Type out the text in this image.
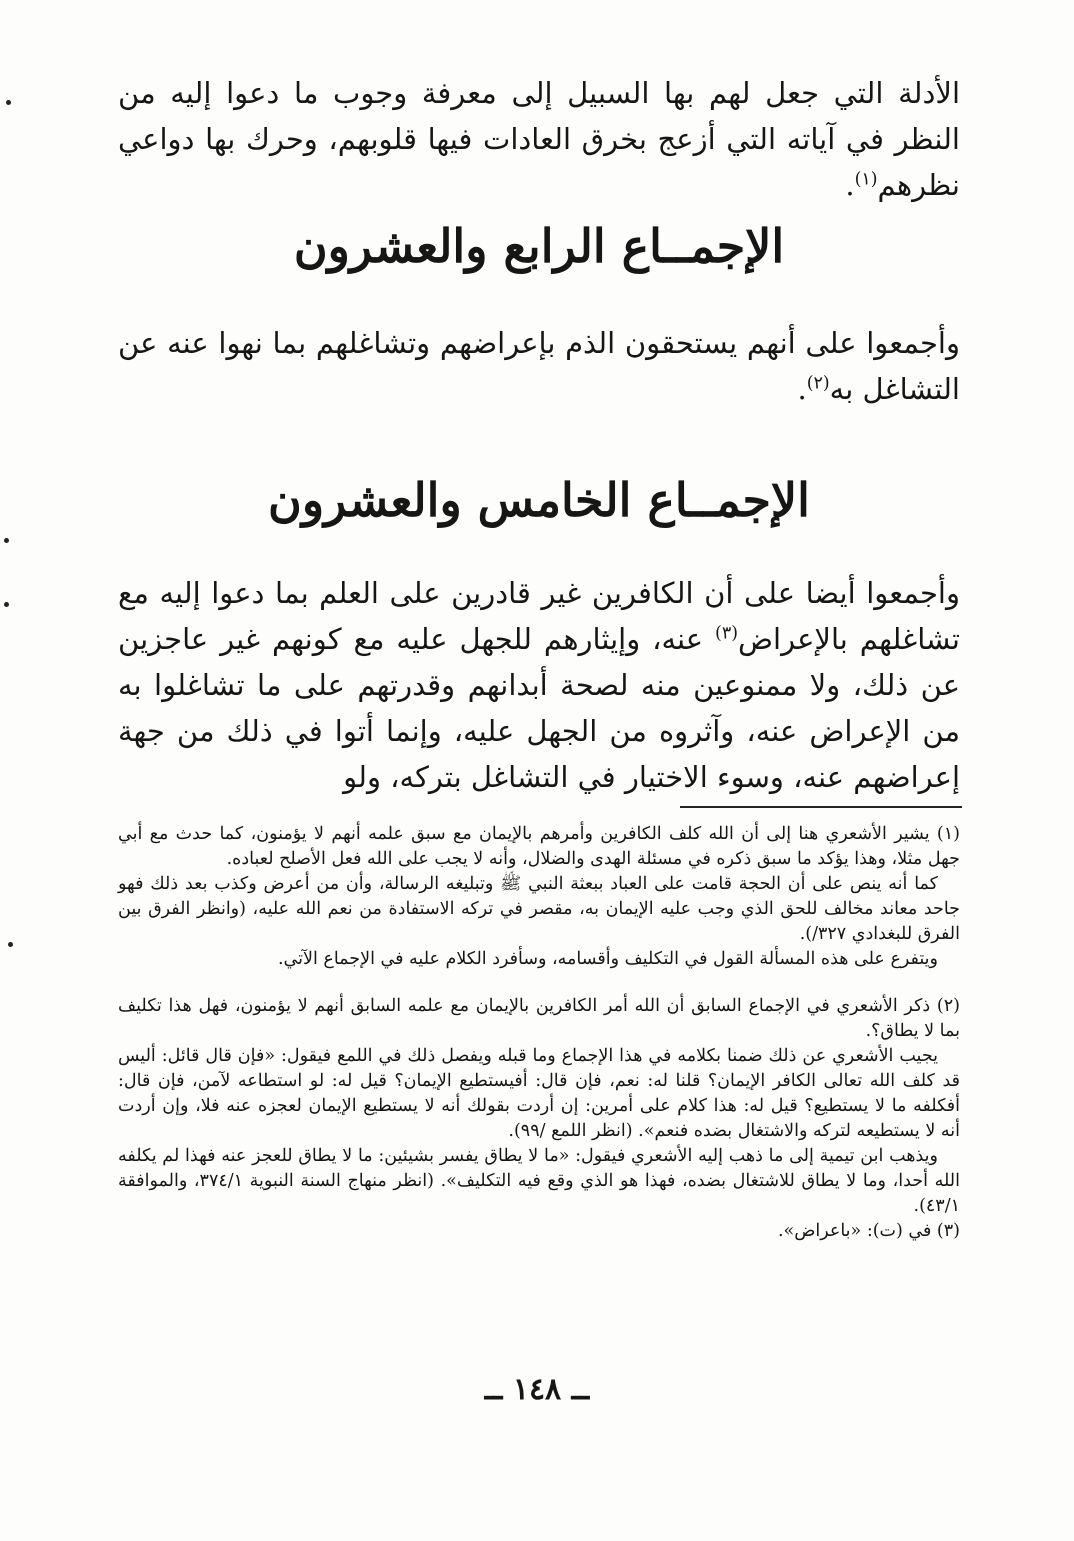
الأدلة التي جعل لهم بها السبيل إلى معرفة وجوب ما دعوا إليه من النظر في آياته التي أزعج بخرق العادات فيها قلوبهم، وحرك بها دواعي نظرهم$^{(١)}$.
الإجمــاع الرابع والعشرون
وأجمعوا على أنهم يستحقون الذم بإعراضهم وتشاغلهم بما نهوا عنه عن التشاغل به$^{(٢)}$.
الإجمــاع الخامس والعشرون
وأجمعوا أيضا على أن الكافرين غير قادرين على العلم بما دعوا إليه مع تشاغلهم بالإعراض$^{(٣)}$ عنه، وإيثارهم للجهل عليه مع كونهم غير عاجزين عن ذلك، ولا ممنوعين منه لصحة أبدانهم وقدرتهم على ما تشاغلوا به من الإعراض عنه، وآثروه من الجهل عليه، وإنما أتوا في ذلك من جهة إعراضهم عنه، وسوء الاختيار في التشاغل بتركه، ولو

(١) يشير الأشعري هنا إلى أن الله كلف الكافرين وأمرهم بالإيمان مع سبق علمه أنهم لا يؤمنون، كما حدث مع أبي جهل مثلا، وهذا يؤكد ما سبق ذكره في مسئلة الهدى والضلال، وأنه لا يجب على الله فعل الأصلح لعباده.

كما أنه ينص على أن الحجة قامت على العباد ببعثة النبي ﷺ وتبليغه الرسالة، وأن من أعرض وكذب بعد ذلك فهو جاحد معاند مخالف للحق الذي وجب عليه الإيمان به، مقصر في تركه الاستفادة من نعم الله عليه، (وانظر الفرق بين الفرق للبغدادي ٣٢٧/).

ويتفرع على هذه المسألة القول في التكليف وأقسامه، وسأفرد الكلام عليه في الإجماع الآتي.

(٢) ذكر الأشعري في الإجماع السابق أن الله أمر الكافرين بالإيمان مع علمه السابق أنهم لا يؤمنون، فهل هذا تكليف بما لا يطاق؟.

يجيب الأشعري عن ذلك ضمنا بكلامه في هذا الإجماع وما قبله ويفصل ذلك في اللمع فيقول: «فإن قال قائل: أليس قد كلف الله تعالى الكافر الإيمان؟ قلنا له: نعم، فإن قال: أفيستطيع الإيمان؟ قيل له: لو استطاعه لآمن، فإن قال: أفكلفه ما لا يستطيع؟ قيل له: هذا كلام على أمرين: إن أردت بقولك أنه لا يستطيع الإيمان لعجزه عنه فلا، وإن أردت أنه لا يستطيعه لتركه والاشتغال بضده فنعم». (انظر اللمع /٩٩).

ويذهب ابن تيمية إلى ما ذهب إليه الأشعري فيقول: «ما لا يطاق يفسر بشيئين: ما لا يطاق للعجز عنه فهذا لم يكلفه الله أحدا، وما لا يطاق للاشتغال بضده، فهذا هو الذي وقع فيه التكليف». (انظر منهاج السنة النبوية ٣٧٤/١، والموافقة ٤٣/١).

(٣) في (ت): «باعراض».

ــ ١٤٨ ــ
